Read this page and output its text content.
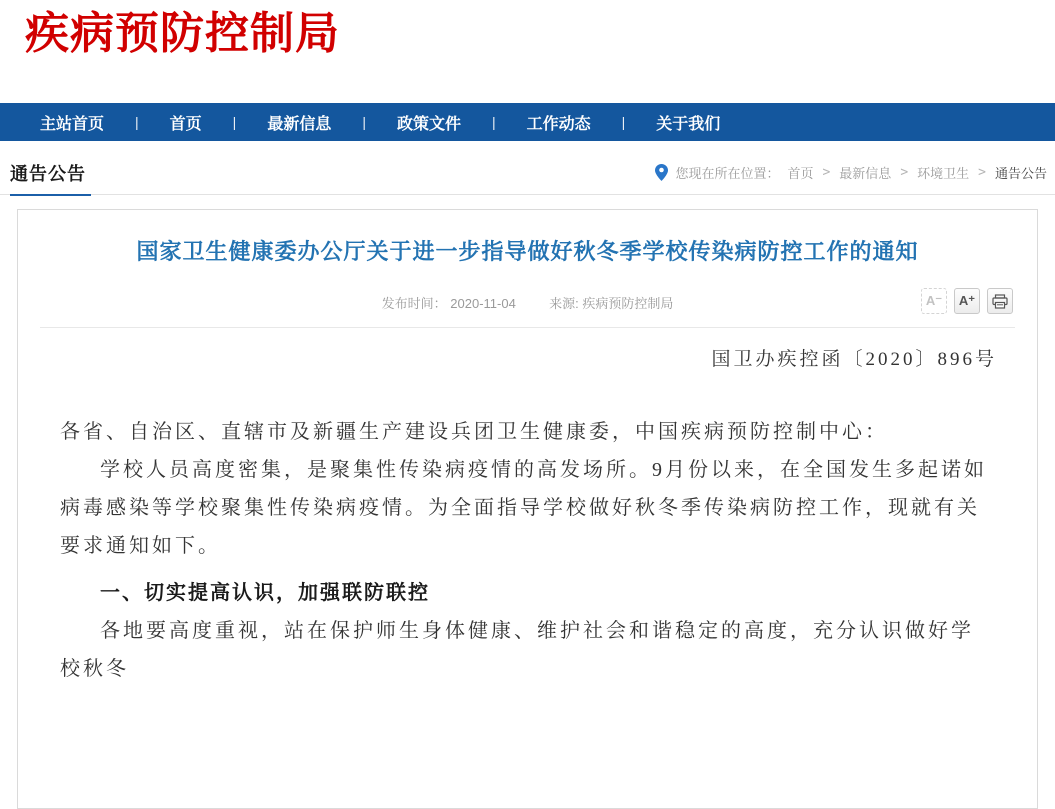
疾病预防控制局
主站首页 | 首页 | 最新信息 | 政策文件 | 工作动态 | 关于我们
通告公告	您现在所在位置： 首页 > 最新信息 > 环境卫生 > 通告公告
国家卫生健康委办公厅关于进一步指导做好秋冬季学校传染病防控工作的通知
发布时间： 2020-11-04	来源: 疾病预防控制局	A⁻	A⁺
国卫办疾控函〔2020〕896号

各省、自治区、直辖市及新疆生产建设兵团卫生健康委，中国疾病预防控制中心：

学校人员高度密集，是聚集性传染病疫情的高发场所。9月份以来，在全国发生多起诺如病毒感染等学校聚集性传染病疫情。为全面指导学校做好秋冬季传染病防控工作，现就有关要求通知如下。

一、切实提高认识，加强联防联控

各地要高度重视，站在保护师生身体健康、维护社会和谐稳定的高度，充分认识做好学校秋冬
